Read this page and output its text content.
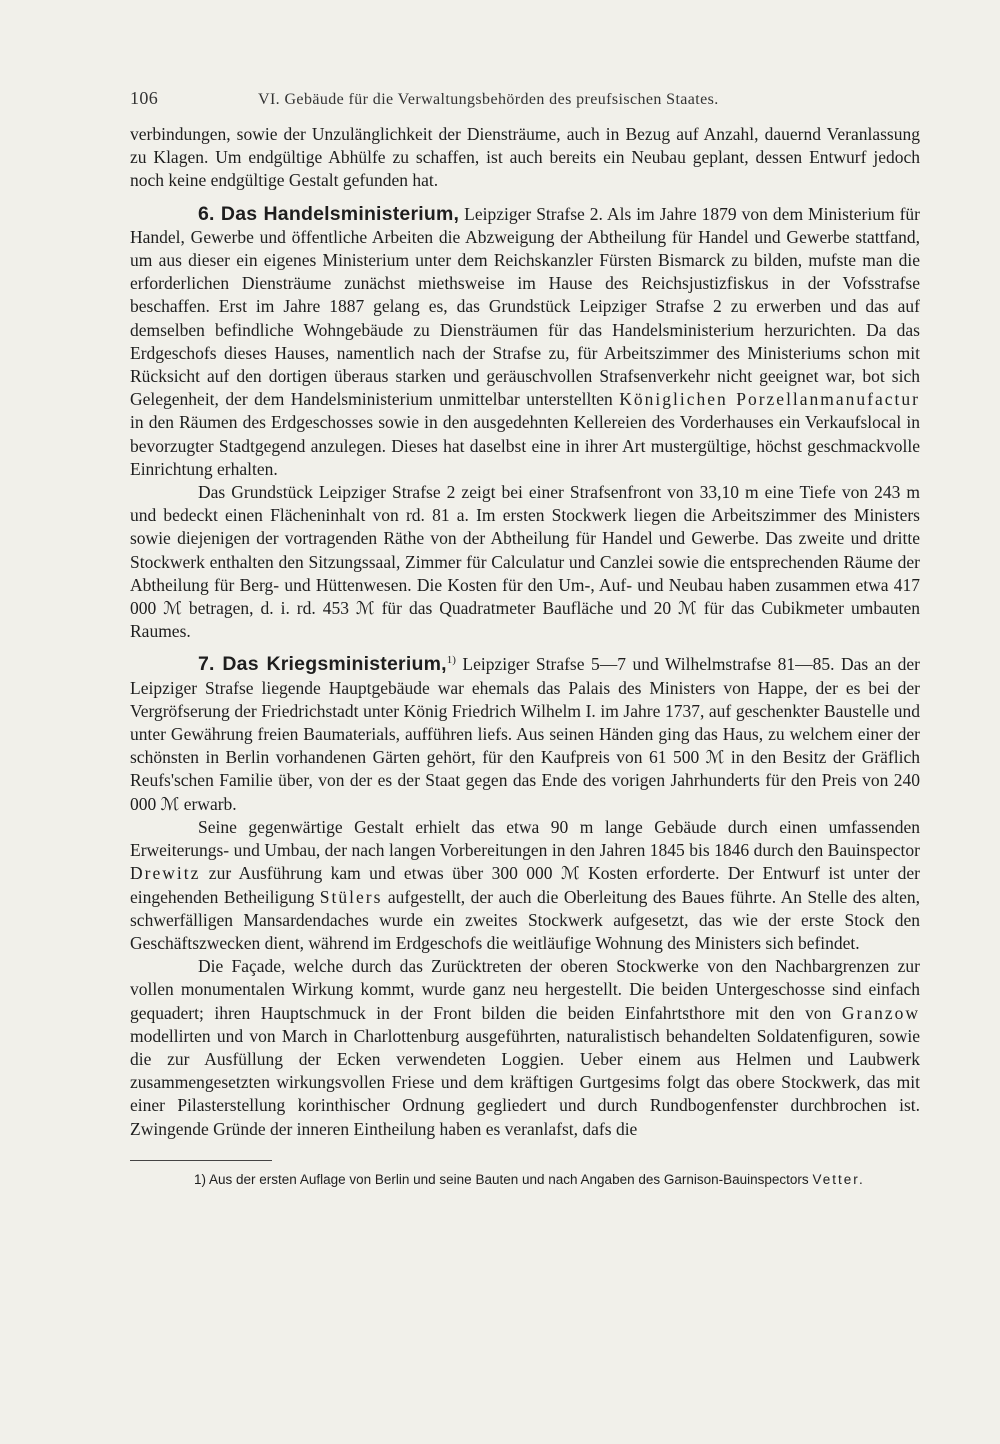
106	VI. Gebäude für die Verwaltungsbehörden des preufsischen Staates.

verbindungen, sowie der Unzulänglichkeit der Diensträume, auch in Bezug auf Anzahl, dauernd Veranlassung zu Klagen. Um endgültige Abhülfe zu schaffen, ist auch bereits ein Neubau geplant, dessen Entwurf jedoch noch keine endgültige Gestalt gefunden hat.

6. Das Handelsministerium, Leipziger Strafse 2. Als im Jahre 1879 von dem Ministerium für Handel, Gewerbe und öffentliche Arbeiten die Abzweigung der Abtheilung für Handel und Gewerbe stattfand, um aus dieser ein eigenes Ministerium unter dem Reichskanzler Fürsten Bismarck zu bilden, mufste man die erforderlichen Diensträume zunächst miethsweise im Hause des Reichsjustizfiskus in der Vofsstrafse beschaffen. Erst im Jahre 1887 gelang es, das Grundstück Leipziger Strafse 2 zu erwerben und das auf demselben befindliche Wohngebäude zu Diensträumen für das Handelsministerium herzurichten. Da das Erdgeschofs dieses Hauses, namentlich nach der Strafse zu, für Arbeitszimmer des Ministeriums schon mit Rücksicht auf den dortigen überaus starken und geräuschvollen Strafsenverkehr nicht geeignet war, bot sich Gelegenheit, der dem Handelsministerium unmittelbar unterstellten Königlichen Porzellanmanufactur in den Räumen des Erdgeschosses sowie in den ausgedehnten Kellereien des Vorderhauses ein Verkaufslocal in bevorzugter Stadtgegend anzulegen. Dieses hat daselbst eine in ihrer Art mustergültige, höchst geschmackvolle Einrichtung erhalten.

Das Grundstück Leipziger Strafse 2 zeigt bei einer Strafsenfront von 33,10 m eine Tiefe von 243 m und bedeckt einen Flächeninhalt von rd. 81 a. Im ersten Stockwerk liegen die Arbeitszimmer des Ministers sowie diejenigen der vortragenden Räthe von der Abtheilung für Handel und Gewerbe. Das zweite und dritte Stockwerk enthalten den Sitzungssaal, Zimmer für Calculatur und Canzlei sowie die entsprechenden Räume der Abtheilung für Berg- und Hüttenwesen. Die Kosten für den Um-, Auf- und Neubau haben zusammen etwa 417 000 ℳ betragen, d. i. rd. 453 ℳ für das Quadratmeter Baufläche und 20 ℳ für das Cubikmeter umbauten Raumes.

7. Das Kriegsministerium,$^{1)}$ Leipziger Strafse 5—7 und Wilhelmstrafse 81—85. Das an der Leipziger Strafse liegende Hauptgebäude war ehemals das Palais des Ministers von Happe, der es bei der Vergröfserung der Friedrichstadt unter König Friedrich Wilhelm I. im Jahre 1737, auf geschenkter Baustelle und unter Gewährung freien Baumaterials, aufführen liefs. Aus seinen Händen ging das Haus, zu welchem einer der schönsten in Berlin vorhandenen Gärten gehört, für den Kaufpreis von 61 500 ℳ in den Besitz der Gräflich Reufs'schen Familie über, von der es der Staat gegen das Ende des vorigen Jahrhunderts für den Preis von 240 000 ℳ erwarb.

Seine gegenwärtige Gestalt erhielt das etwa 90 m lange Gebäude durch einen umfassenden Erweiterungs- und Umbau, der nach langen Vorbereitungen in den Jahren 1845 bis 1846 durch den Bauinspector Drewitz zur Ausführung kam und etwas über 300 000 ℳ Kosten erforderte. Der Entwurf ist unter der eingehenden Betheiligung Stülers aufgestellt, der auch die Oberleitung des Baues führte. An Stelle des alten, schwerfälligen Mansardendaches wurde ein zweites Stockwerk aufgesetzt, das wie der erste Stock den Geschäftszwecken dient, während im Erdgeschofs die weitläufige Wohnung des Ministers sich befindet.

Die Façade, welche durch das Zurücktreten der oberen Stockwerke von den Nachbargrenzen zur vollen monumentalen Wirkung kommt, wurde ganz neu hergestellt. Die beiden Untergeschosse sind einfach gequadert; ihren Hauptschmuck in der Front bilden die beiden Einfahrtsthore mit den von Granzow modellirten und von March in Charlottenburg ausgeführten, naturalistisch behandelten Soldatenfiguren, sowie die zur Ausfüllung der Ecken verwendeten Loggien. Ueber einem aus Helmen und Laubwerk zusammengesetzten wirkungsvollen Friese und dem kräftigen Gurtgesims folgt das obere Stockwerk, das mit einer Pilasterstellung korinthischer Ordnung gegliedert und durch Rundbogenfenster durchbrochen ist. Zwingende Gründe der inneren Eintheilung haben es veranlafst, dafs die

1) Aus der ersten Auflage von Berlin und seine Bauten und nach Angaben des Garnison-Bauinspectors Vetter.
